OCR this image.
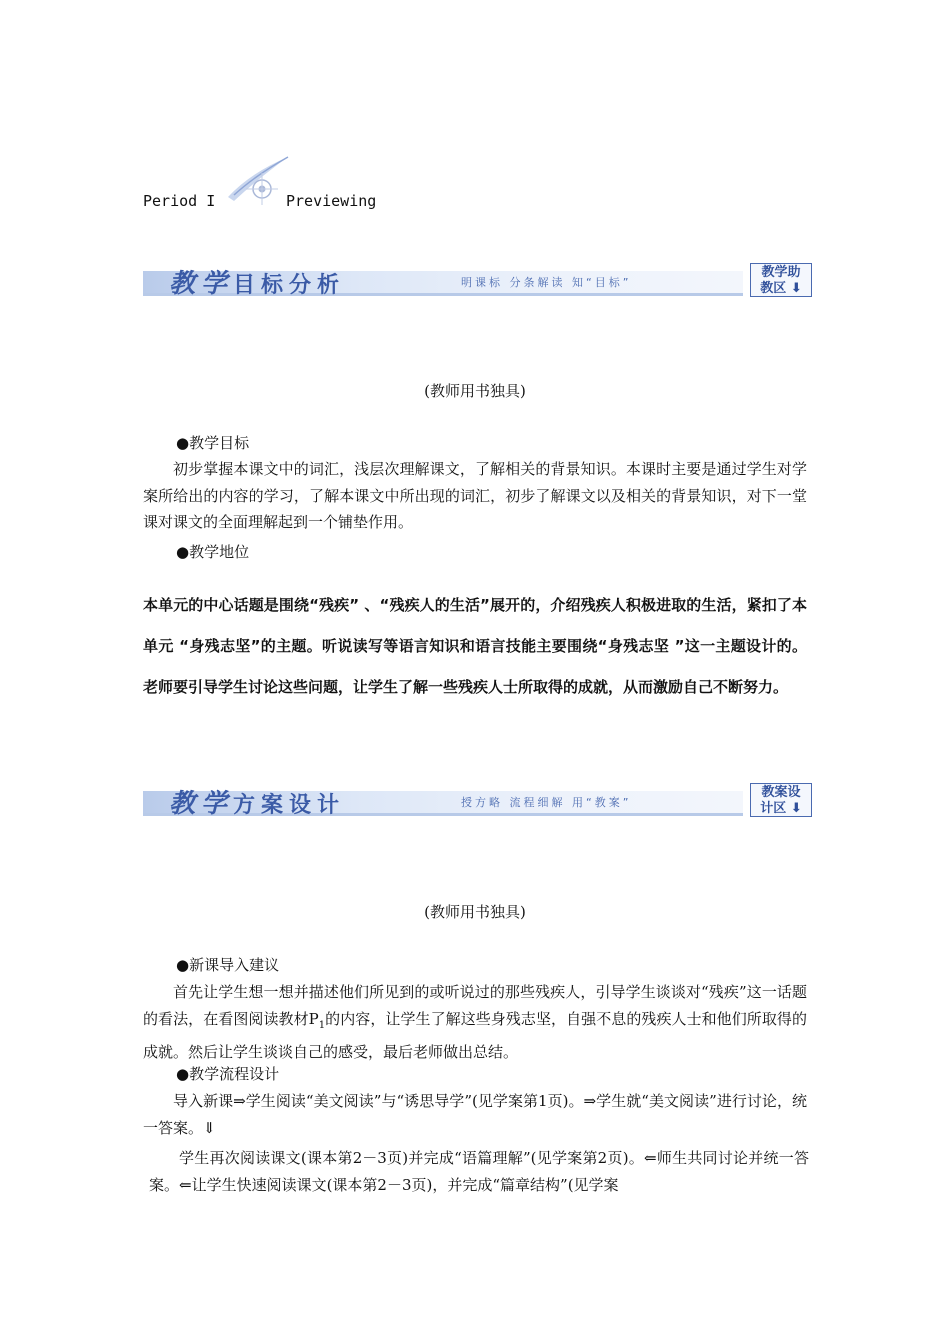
Period I	Previewing
教学目标分析	明课标 分条解读 知“目标”
教学助
教区 ⬇
(教师用书独具)
●教学目标
初步掌握本课文中的词汇，浅层次理解课文，了解相关的背景知识。本课时主要是通过学生对学案所给出的内容的学习，了解本课文中所出现的词汇，初步了解课文以及相关的背景知识，对下一堂课对课文的全面理解起到一个铺垫作用。
●教学地位
本单元的中心话题是围绕“残疾” 、“残疾人的生活”展开的，介绍残疾人积极进取的生活，紧扣了本单元 “身残志坚”的主题。听说读写等语言知识和语言技能主要围绕“身残志坚 ”这一主题设计的。老师要引导学生讨论这些问题，让学生了解一些残疾人士所取得的成就，从而激励自己不断努力。
教学方案设计	授方略 流程细解 用“教案”
教案设
计区 ⬇
(教师用书独具)
●新课导入建议
首先让学生想一想并描述他们所见到的或听说过的那些残疾人，引导学生谈谈对“残疾”这一话题的看法，在看图阅读教材$P_1$的内容，让学生了解这些身残志坚，自强不息的残疾人士和他们所取得的成就。然后让学生谈谈自己的感受，最后老师做出总结。
●教学流程设计
导入新课⇒学生阅读“美文阅读”与“诱思导学”(见学案第1页)。⇒学生就“美文阅读”进行讨论，统一答案。⇓
学生再次阅读课文(课本第2－3页)并完成“语篇理解”(见学案第2页)。⇐师生共同讨论并统一答案。⇐让学生快速阅读课文(课本第2－3页)，并完成“篇章结构”(见学案
